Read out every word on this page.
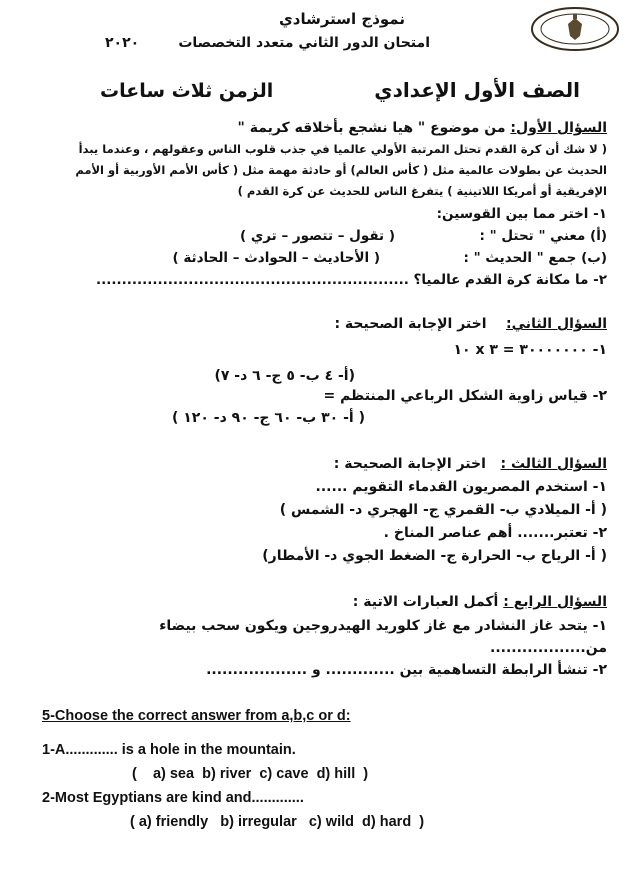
نموذج استرشادي
امتحان الدور الثاني متعدد التخصصات
٢٠٢٠
الصف الأول الإعدادي
الزمن ثلاث ساعات
السؤال الأول: من موضوع " هيا نشجع بأخلاقه كريمة "
( لا شك أن كرة القدم تحتل المرتبة الأولي عالميا في جذب قلوب الناس وعقولهم ، وعندما يبدأ
الحديث عن بطولات عالمية مثل ( كأس العالم) أو حادثة مهمة مثل ( كأس الأمم الأوربية أو الأمم
الإفريقية أو أمريكا اللاتينية ) يتفرغ الناس للحديث عن كرة القدم )
١- اختر مما بين القوسين:
(أ) معني " تحتل " :
( تقول – تتصور – تري )
(ب) جمع " الحديث " :
( الأحاديث – الحوادث – الحادثة )
٢- ما مكانة كرة القدم عالميا؟ .............................................................
السؤال الثاني:    اختر الإجابة الصحيحة :
١- ٣٠٠٠٠٠٠٠ = ٣ x ١٠
(أ- ٤ ب- ٥ ج- ٦ د- ٧)
٢- قياس زاوية الشكل الرباعي المنتظم =
( أ- ٣٠ ب- ٦٠ ج- ٩٠ د- ١٢٠ )
السؤال الثالث :   اختر الإجابة الصحيحة :
١- استخدم المصريون القدماء التقويم ......
( أ- الميلادي ب- القمري ج- الهجري د- الشمس )
٢- تعتبر....... أهم عناصر المناخ .
( أ- الرياح ب- الحرارة ج- الضغط الجوي د- الأمطار)
السؤال الرابع : أكمل العبارات الاتية :
١- يتحد غاز النشادر مع غاز كلوريد الهيدروجين ويكون سحب بيضاء
من..................
٢- تنشأ الرابطة التساهمية بين ............. و ...................
5-Choose the correct answer from a,b,c or d:
1-A............. is a hole in the mountain.
(    a) sea  b) river  c) cave  d) hill  )
2-Most Egyptians are kind and.............
( a) friendly   b) irregular   c) wild  d) hard  )
